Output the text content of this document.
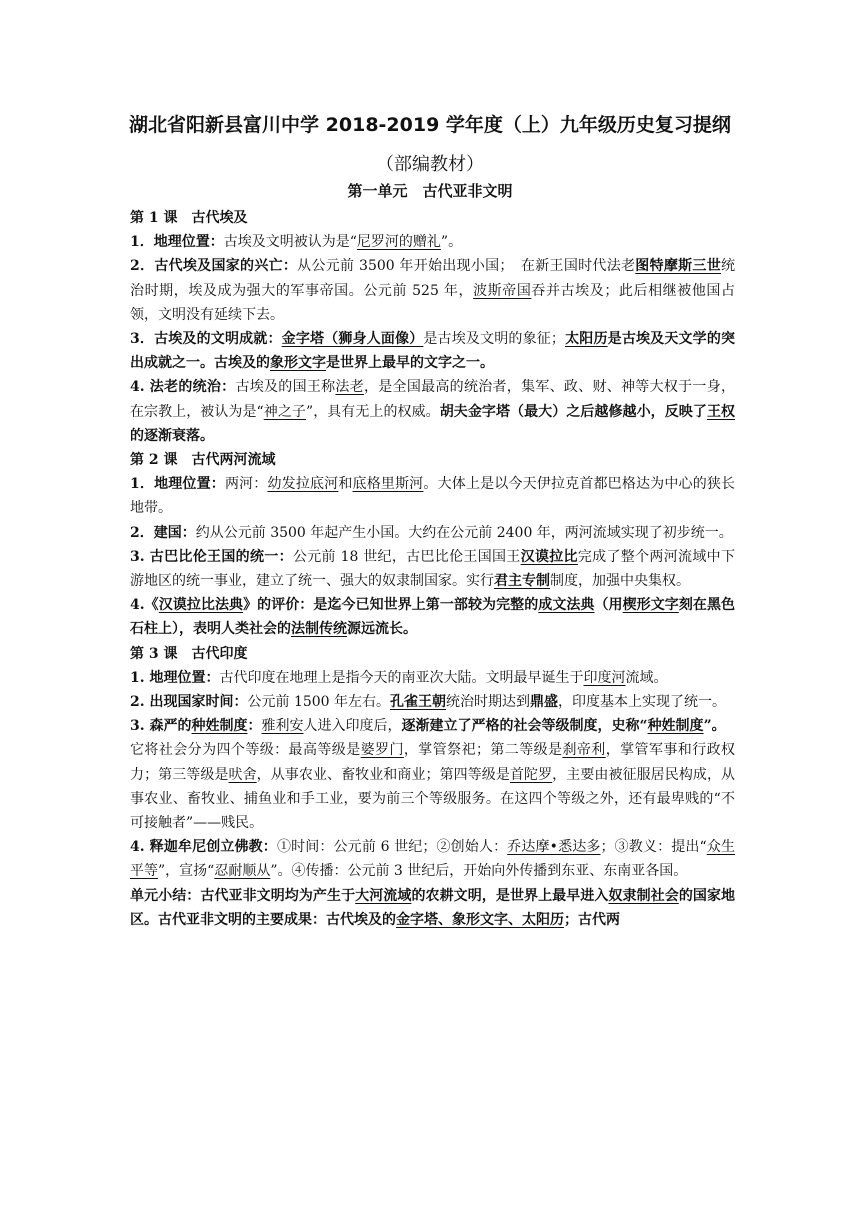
湖北省阳新县富川中学 2018-2019 学年度（上）九年级历史复习提纲
（部编教材）
第一单元　古代亚非文明

第 1 课　古代埃及

1．地理位置：古埃及文明被认为是“尼罗河的赠礼”。

2．古代埃及国家的兴亡：从公元前 3500 年开始出现小国；　在新王国时代法老图特摩斯三世统治时期，埃及成为强大的军事帝国。公元前 525 年，波斯帝国吞并古埃及；此后相继被他国占领，文明没有延续下去。

3．古埃及的文明成就：金字塔（狮身人面像）是古埃及文明的象征；太阳历是古埃及天文学的突出成就之一。古埃及的象形文字是世界上最早的文字之一。

4. 法老的统治：古埃及的国王称法老，是全国最高的统治者，集军、政、财、神等大权于一身，在宗教上，被认为是“神之子”，具有无上的权威。胡夫金字塔（最大）之后越修越小，反映了王权的逐渐衰落。

第 2 课　古代两河流域

1．地理位置：两河：幼发拉底河和底格里斯河。大体上是以今天伊拉克首都巴格达为中心的狭长地带。

2．建国：约从公元前 3500 年起产生小国。大约在公元前 2400 年，两河流域实现了初步统一。

3. 古巴比伦王国的统一：公元前 18 世纪，古巴比伦王国国王汉谟拉比完成了整个两河流域中下游地区的统一事业，建立了统一、强大的奴隶制国家。实行君主专制制度，加强中央集权。

4.《汉谟拉比法典》的评价：是迄今已知世界上第一部较为完整的成文法典（用楔形文字刻在黑色石柱上），表明人类社会的法制传统源远流长。

第 3 课　古代印度

1. 地理位置：古代印度在地理上是指今天的南亚次大陆。文明最早诞生于印度河流域。

2. 出现国家时间：公元前 1500 年左右。孔雀王朝统治时期达到鼎盛，印度基本上实现了统一。

3. 森严的种姓制度：雅利安人进入印度后，逐渐建立了严格的社会等级制度，史称“种姓制度”。

它将社会分为四个等级：最高等级是婆罗门，掌管祭祀；第二等级是刹帝利，掌管军事和行政权力；第三等级是吠舍，从事农业、畜牧业和商业；第四等级是首陀罗，主要由被征服居民构成，从事农业、畜牧业、捕鱼业和手工业，要为前三个等级服务。在这四个等级之外，还有最卑贱的“不可接触者”——贱民。

4. 释迦牟尼创立佛教：①时间：公元前 6 世纪；②创始人：乔达摩•悉达多；③教义：提出“众生平等”，宣扬“忍耐顺从”。④传播：公元前 3 世纪后，开始向外传播到东亚、东南亚各国。

单元小结：古代亚非文明均为产生于大河流域的农耕文明，是世界上最早进入奴隶制社会的国家地区。古代亚非文明的主要成果：古代埃及的金字塔、象形文字、太阳历；古代两
